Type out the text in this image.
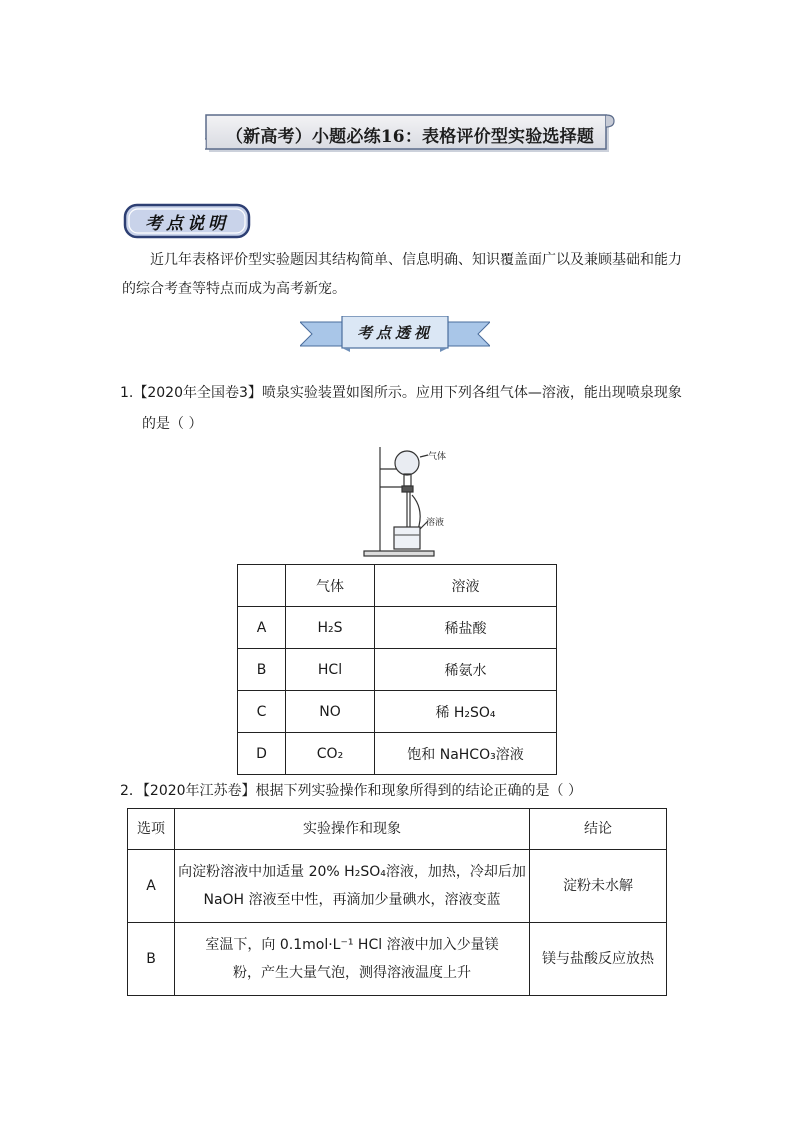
（新高考）小题必练16：表格评价型实验选择题
考点说明
近几年表格评价型实验题因其结构简单、信息明确、知识覆盖面广以及兼顾基础和能力的综合考查等特点而成为高考新宠。
考点透视
1.【2020年全国卷3】喷泉实验装置如图所示。应用下列各组气体—溶液，能出现喷泉现象
的是（ ）
气体
溶液
	气体	溶液
A	H₂S	稀盐酸
B	HCl	稀氨水
C	NO	稀 H₂SO₄
D	CO₂	饱和 NaHCO₃溶液
2．【2020年江苏卷】根据下列实验操作和现象所得到的结论正确的是（ ）
选项	实验操作和现象	结论
A	向淀粉溶液中加适量 20% H₂SO₄溶液，加热，冷却后加
NaOH 溶液至中性，再滴加少量碘水，溶液变蓝	淀粉未水解
B	室温下，向 0.1mol·L⁻¹ HCl 溶液中加入少量镁
粉，产生大量气泡，测得溶液温度上升	镁与盐酸反应放热
